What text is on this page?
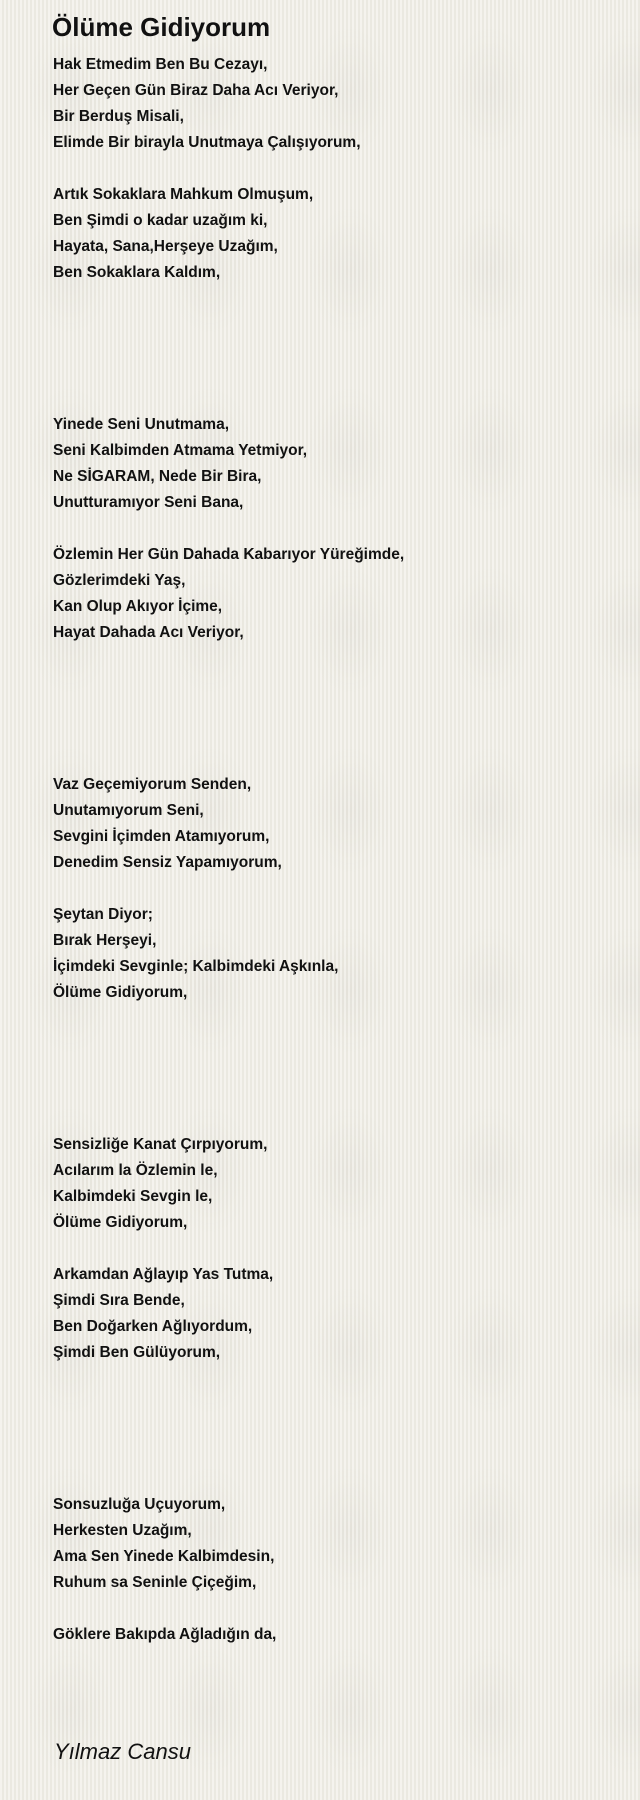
Ölüme Gidiyorum
Hak Etmedim Ben Bu Cezayı,
Her Geçen Gün Biraz Daha Acı Veriyor,
Bir Berduş Misali,
Elimde Bir birayla Unutmaya Çalışıyorum,
Artık Sokaklara Mahkum Olmuşum,
Ben Şimdi o kadar uzağım ki,
Hayata, Sana,Herşeye Uzağım,
Ben Sokaklara Kaldım,
Yinede Seni Unutmama,
Seni Kalbimden Atmama Yetmiyor,
Ne SİGARAM, Nede Bir Bira,
Unutturamıyor Seni Bana,
Özlemin Her Gün Dahada Kabarıyor Yüreğimde,
Gözlerimdeki Yaş,
Kan Olup Akıyor İçime,
Hayat Dahada Acı Veriyor,
Vaz Geçemiyorum Senden,
Unutamıyorum Seni,
Sevgini İçimden Atamıyorum,
Denedim Sensiz Yapamıyorum,
Şeytan Diyor;
Bırak Herşeyi,
İçimdeki Sevginle; Kalbimdeki Aşkınla,
Ölüme Gidiyorum,
Sensizliğe Kanat Çırpıyorum,
Acılarım la Özlemin le,
Kalbimdeki Sevgin le,
Ölüme Gidiyorum,
Arkamdan Ağlayıp Yas Tutma,
Şimdi Sıra Bende,
Ben Doğarken Ağlıyordum,
Şimdi Ben Gülüyorum,
Sonsuzluğa Uçuyorum,
Herkesten Uzağım,
Ama Sen Yinede Kalbimdesin,
Ruhum sa Seninle Çiçeğim,
Göklere Bakıpda Ağladığın da,
Yılmaz Cansu
